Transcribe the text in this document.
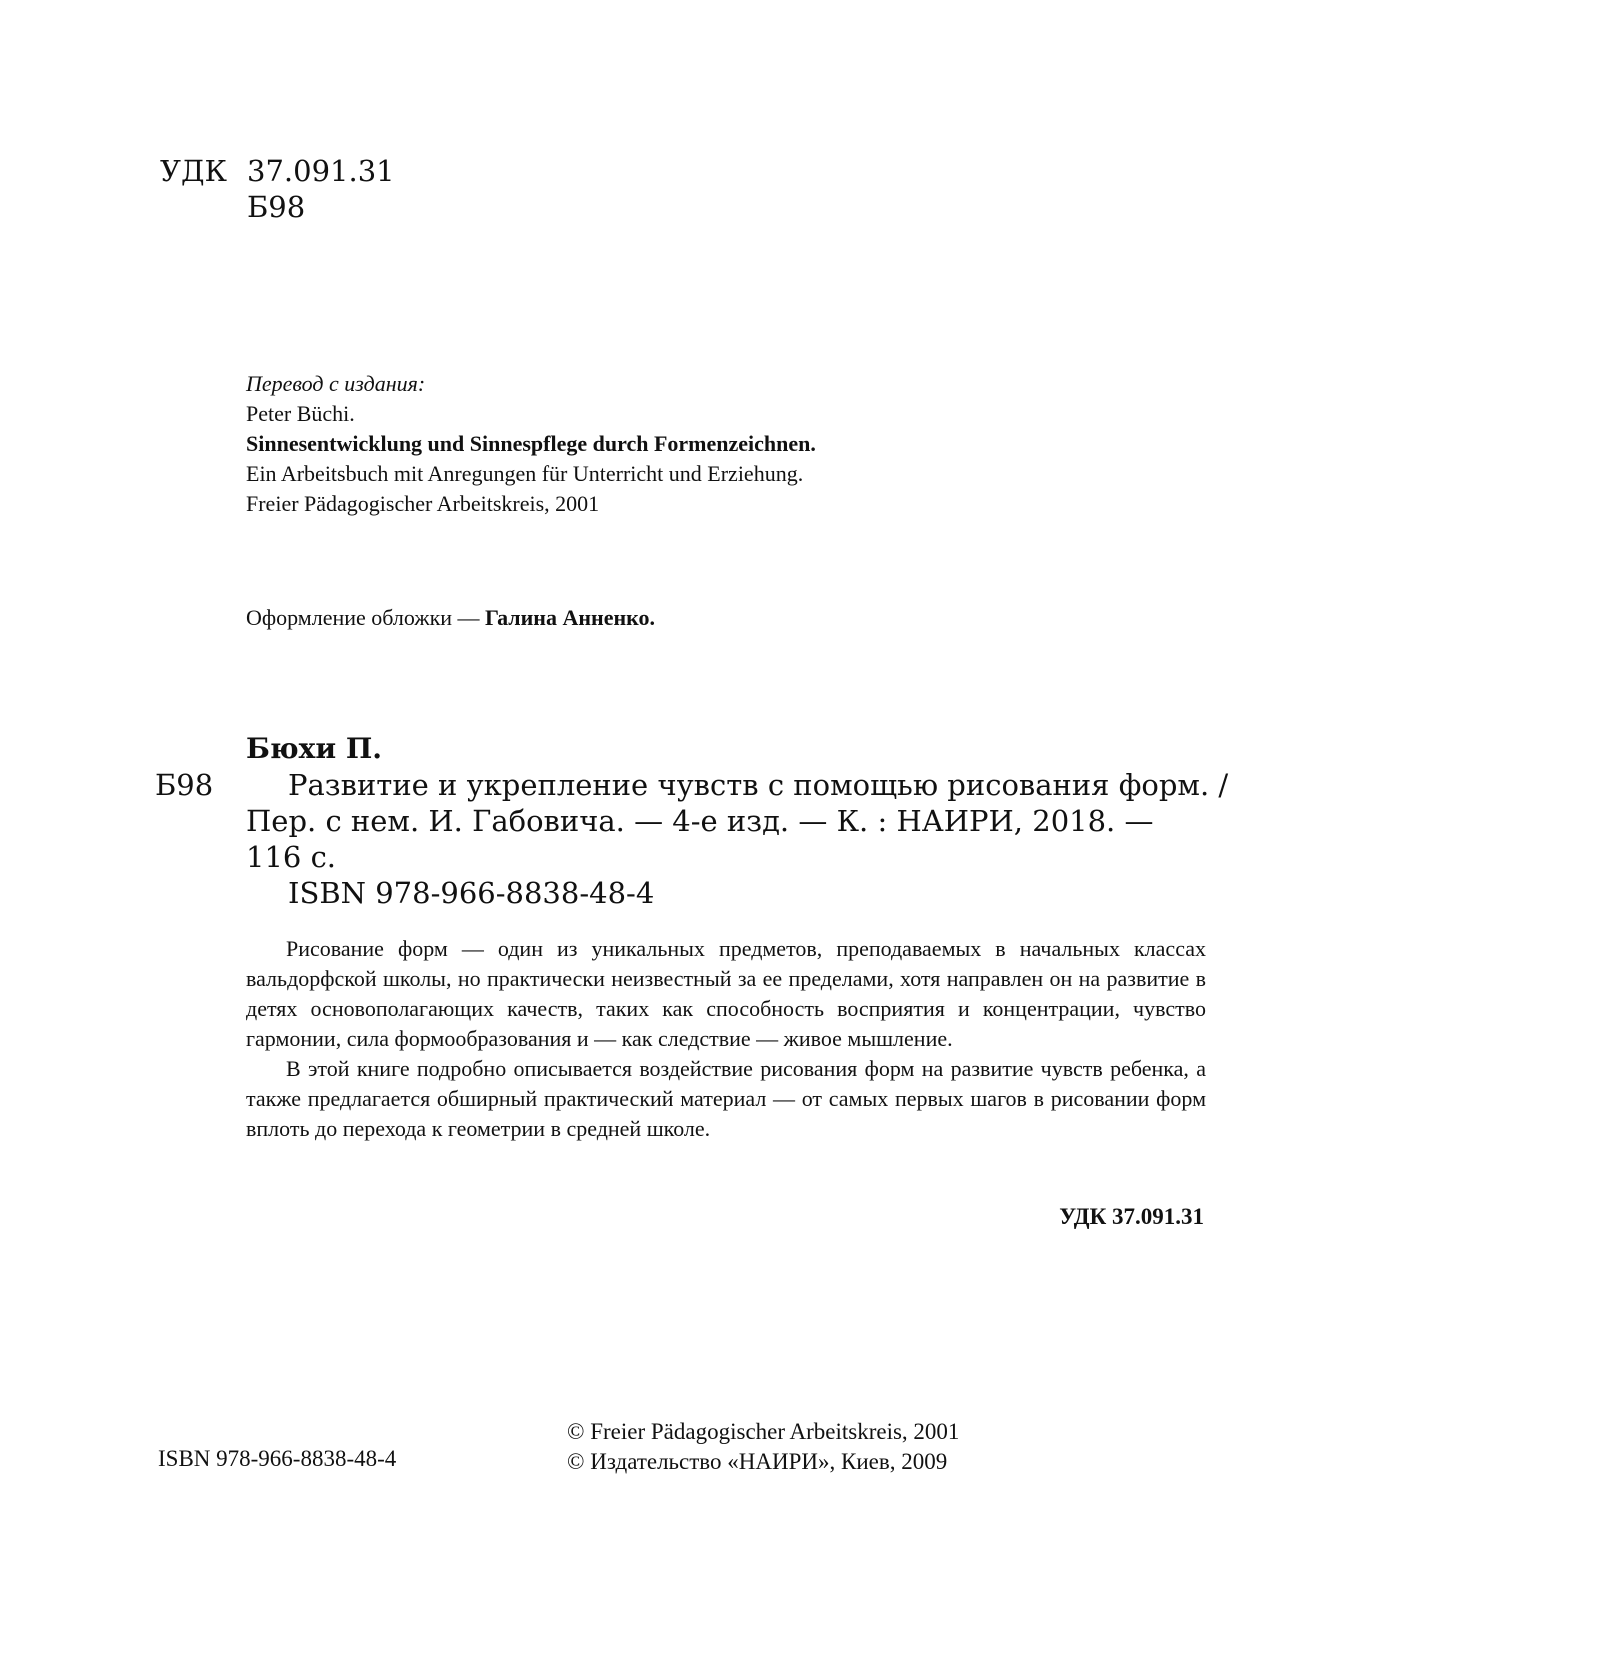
УДК 37.091.31
Б98
Перевод с издания:
Peter Büchi.
Sinnesentwicklung und Sinnespflege durch Formenzeichnen.
Ein Arbeitsbuch mit Anregungen für Unterricht und Erziehung.
Freier Pädagogischer Arbeitskreis, 2001
Оформление обложки — Галина Анненко.
Бюхи П.
Б98	Развитие и укрепление чувств с помощью рисования форм. /
Пер. с нем. И. Габовича. — 4-е изд. — К. : НАИРИ, 2018. —
116 с.
ISBN 978-966-8838-48-4

Рисование форм — один из уникальных предметов, преподаваемых в начальных классах вальдорфской школы, но практически неизвестный за ее пределами, хотя направлен он на развитие в детях основополагающих качеств, таких как способность восприятия и концентрации, чувство гармонии, сила формообразования и — как следствие — живое мышление.

В этой книге подробно описывается воздействие рисования форм на развитие чувств ребенка, а также предлагается обширный практический материал — от самых первых шагов в рисовании форм вплоть до перехода к геометрии в средней школе.

УДК 37.091.31
ISBN 978-966-8838-48-4
© Freier Pädagogischer Arbeitskreis, 2001
© Издательство «НАИРИ», Киев, 2009
